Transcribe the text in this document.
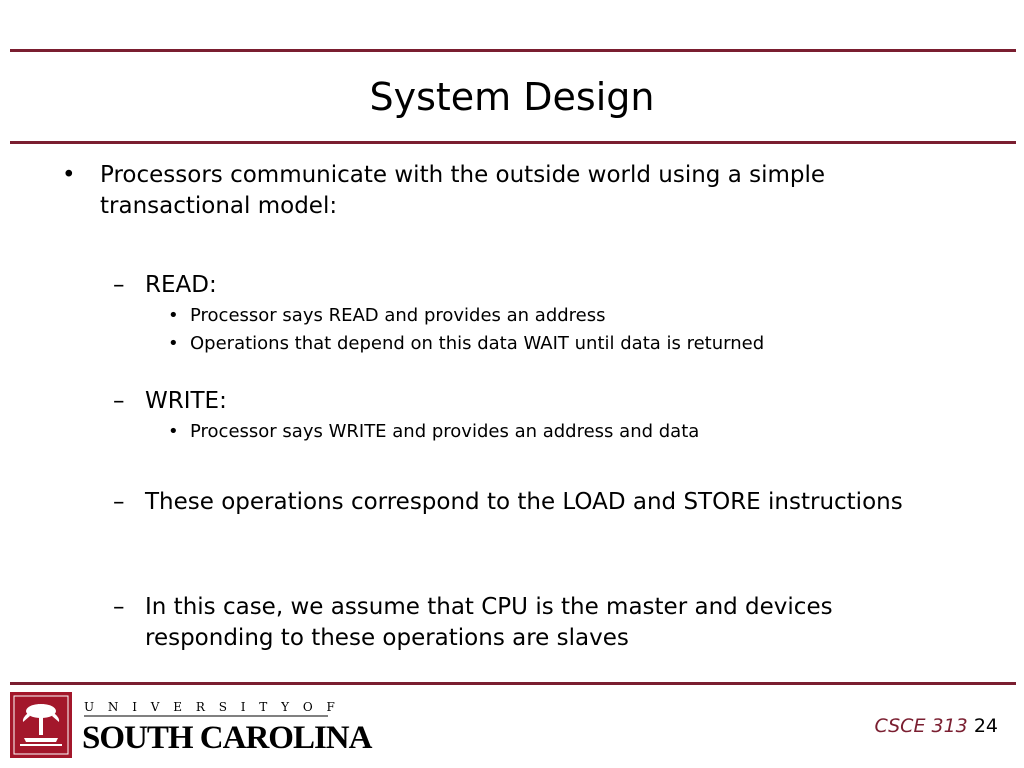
System Design
• Processors communicate with the outside world using a simple transactional model:
– READ:
• Processor says READ and provides an address
• Operations that depend on this data WAIT until data is returned
– WRITE:
• Processor says WRITE and provides an address and data
– These operations correspond to the LOAD and STORE instructions
– In this case, we assume that CPU is the master and devices responding to these operations are slaves
U N I V E R S I T Y O F
SOUTH CAROLINA	CSCE 313 24
